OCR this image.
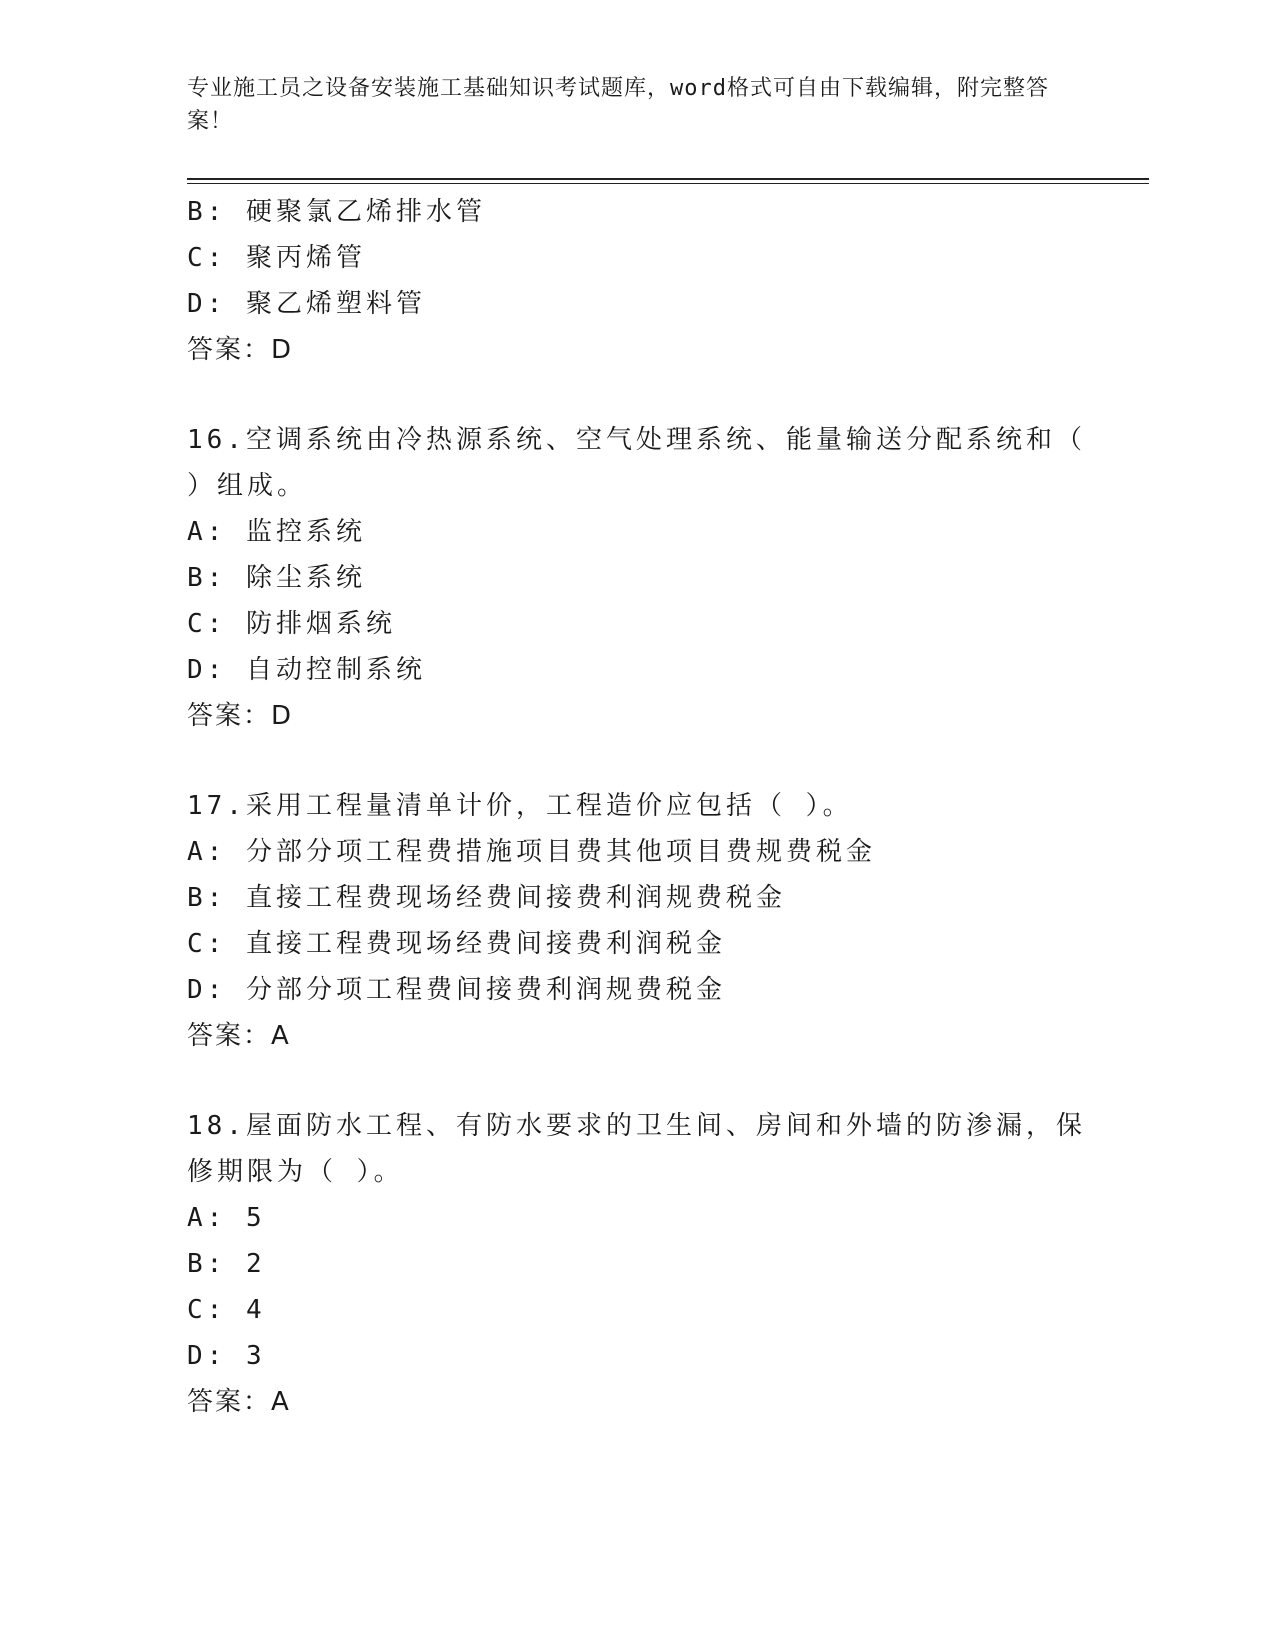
专业施工员之设备安装施工基础知识考试题库，word格式可自由下载编辑，附完整答案！
B: 硬聚氯乙烯排水管
C: 聚丙烯管
D: 聚乙烯塑料管
答案：D
16.空调系统由冷热源系统、空气处理系统、能量输送分配系统和（ ）组成。
A: 监控系统
B: 除尘系统
C: 防排烟系统
D: 自动控制系统
答案：D
17.采用工程量清单计价，工程造价应包括（ ）。
A: 分部分项工程费措施项目费其他项目费规费税金
B: 直接工程费现场经费间接费利润规费税金
C: 直接工程费现场经费间接费利润税金
D: 分部分项工程费间接费利润规费税金
答案：A
18.屋面防水工程、有防水要求的卫生间、房间和外墙的防渗漏，保修期限为（ ）。
A: 5
B: 2
C: 4
D: 3
答案：A
